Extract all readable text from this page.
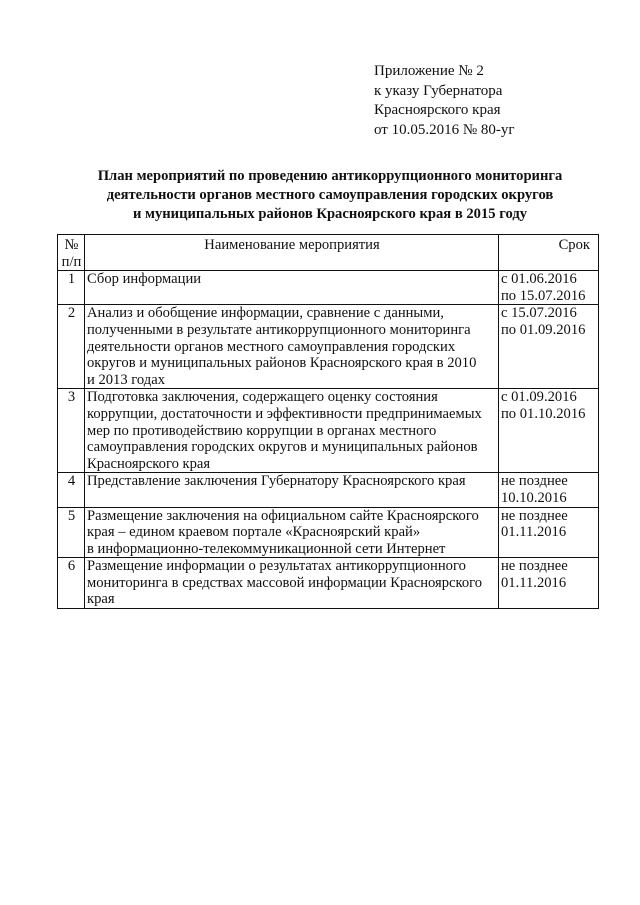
Приложение № 2
к указу Губернатора
Красноярского края
от 10.05.2016 № 80-уг
План мероприятий по проведению антикоррупционного мониторинга
деятельности органов местного самоуправления городских округов
и муниципальных районов Красноярского края в 2015 году
№
п/п	Наименование мероприятия	Срок
1	Сбор информации	с 01.06.2016
по 15.07.2016

2	Анализ и обобщение информации, сравнение с данными,
полученными в результате антикоррупционного мониторинга
деятельности органов местного самоуправления городских
округов и муниципальных районов Красноярского края в 2010
и 2013 годах	с 15.07.2016
по 01.09.2016

3	Подготовка заключения, содержащего оценку состояния
коррупции, достаточности и эффективности предпринимаемых
мер по противодействию коррупции в органах местного
самоуправления городских округов и муниципальных районов
Красноярского края	с 01.09.2016
по 01.10.2016

4	Представление заключения Губернатору Красноярского края	не позднее
10.10.2016

5	Размещение заключения на официальном сайте Красноярского
края – едином краевом портале «Красноярский край»
в информационно-телекоммуникационной сети Интернет	не позднее
01.11.2016

6	Размещение информации о результатах антикоррупционного
мониторинга в средствах массовой информации Красноярского
края	не позднее
01.11.2016
